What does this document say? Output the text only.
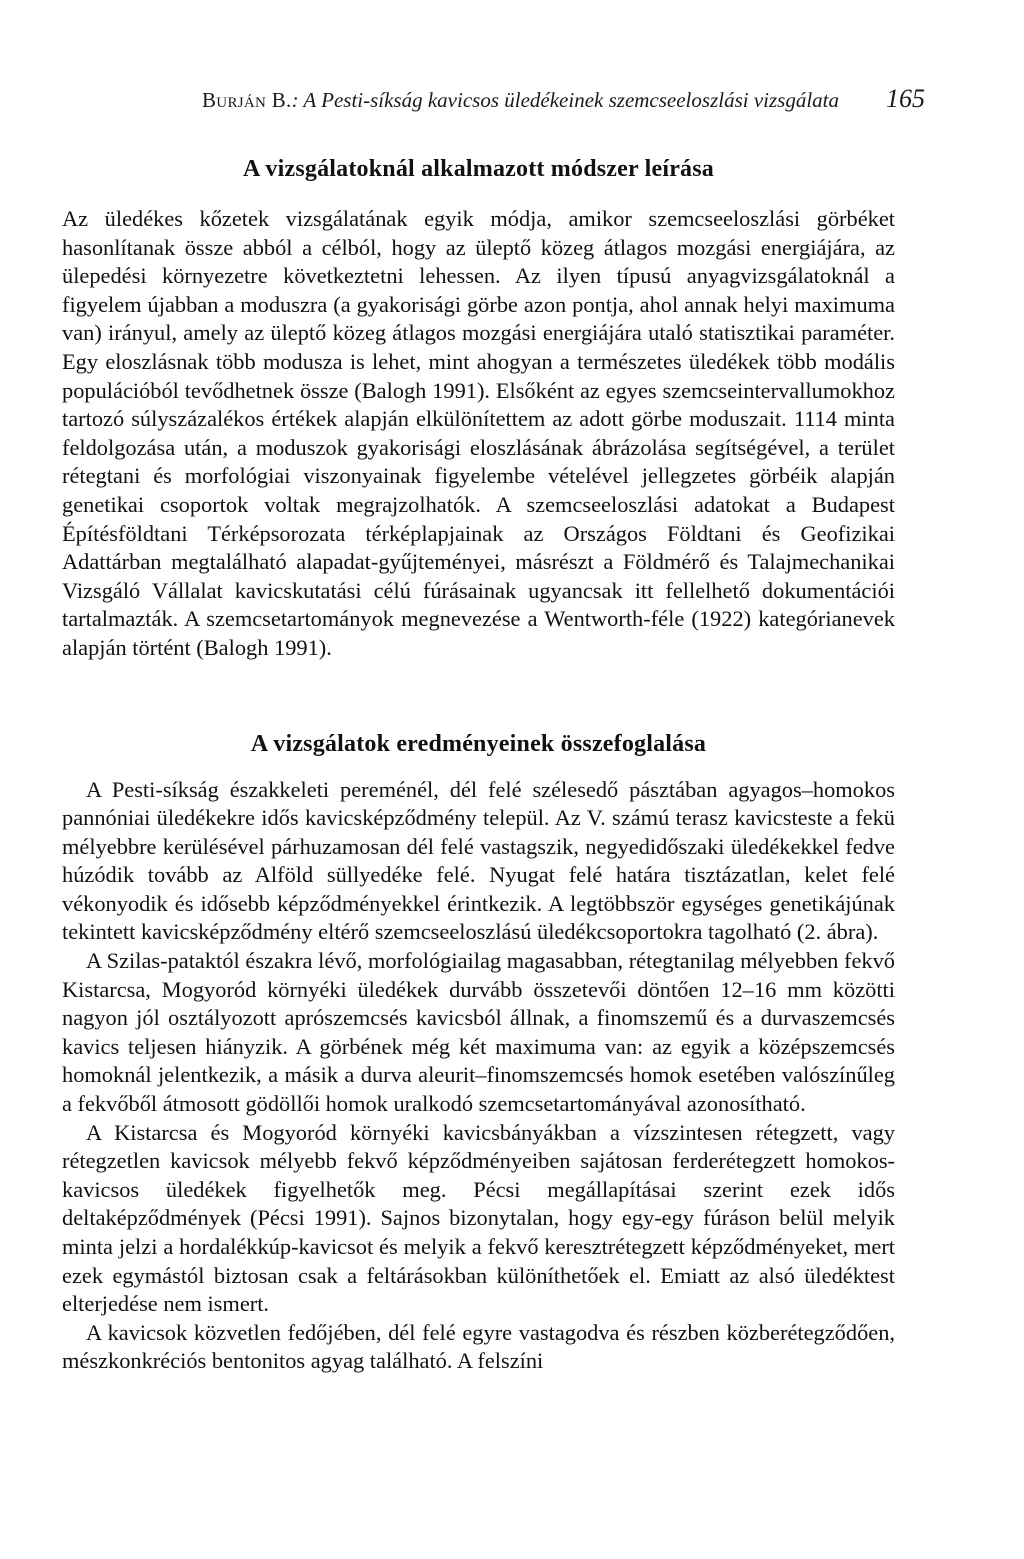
Burján B.: A Pesti-síkság kavicsos üledékeinek szemcseeloszlási vizsgálata 165
A vizsgálatoknál alkalmazott módszer leírása

Az üledékes kőzetek vizsgálatának egyik módja, amikor szemcseeloszlási görbéket hasonlítanak össze abból a célból, hogy az üleptő közeg átlagos mozgási energiájára, az ülepedési környezetre következtetni lehessen. Az ilyen típusú anyagvizsgálatoknál a figyelem újabban a moduszra (a gyakorisági görbe azon pontja, ahol annak helyi maximuma van) irányul, amely az üleptő közeg átlagos mozgási energiájára utaló statisztikai paraméter. Egy eloszlásnak több modusza is lehet, mint ahogyan a természetes üledékek több modális populációból tevődhetnek össze (Balogh 1991). Elsőként az egyes szemcseintervallumokhoz tartozó súlyszázalékos értékek alapján elkülönítettem az adott görbe moduszait. 1114 minta feldolgozása után, a moduszok gyakorisági eloszlásának ábrázolása segítségével, a terület rétegtani és morfológiai viszonyainak figyelembe vételével jellegzetes görbéik alapján genetikai csoportok voltak megrajzolhatók. A szemcseeloszlási adatokat a Budapest Építésföldtani Térképsorozata térképlapjainak az Országos Földtani és Geofizikai Adattárban megtalálható alapadat-gyűjteményei, másrészt a Földmérő és Talajmechanikai Vizsgáló Vállalat kavicskutatási célú fúrásainak ugyancsak itt fellelhető dokumentációi tartalmazták. A szemcsetartományok megnevezése a Wentworth-féle (1922) kategórianevek alapján történt (Balogh 1991).

A vizsgálatok eredményeinek összefoglalása

A Pesti-síkság északkeleti pereménél, dél felé szélesedő pásztában agyagos–homokos pannóniai üledékekre idős kavicsképződmény települ. Az V. számú terasz kavicsteste a fekü mélyebbre kerülésével párhuzamosan dél felé vastagszik, negyedidőszaki üledékekkel fedve húzódik tovább az Alföld süllyedéke felé. Nyugat felé határa tisztázatlan, kelet felé vékonyodik és idősebb képződményekkel érintkezik. A legtöbbször egységes genetikájúnak tekintett kavicsképződmény eltérő szemcseeloszlású üledékcsoportokra tagolható (2. ábra).

A Szilas-pataktól északra lévő, morfológiailag magasabban, rétegtanilag mélyebben fekvő Kistarcsa, Mogyoród környéki üledékek durvább összetevői döntően 12–16 mm közötti nagyon jól osztályozott aprószemcsés kavicsból állnak, a finomszemű és a durvaszemcsés kavics teljesen hiányzik. A görbének még két maximuma van: az egyik a középszemcsés homoknál jelentkezik, a másik a durva aleurit–finomszemcsés homok esetében valószínűleg a fekvőből átmosott gödöllői homok uralkodó szemcsetartományával azonosítható.

A Kistarcsa és Mogyoród környéki kavicsbányákban a vízszintesen rétegzett, vagy rétegzetlen kavicsok mélyebb fekvő képződményeiben sajátosan ferderétegzett homokos-kavicsos üledékek figyelhetők meg. Pécsi megállapításai szerint ezek idős deltaképződmények (Pécsi 1991). Sajnos bizonytalan, hogy egy-egy fúráson belül melyik minta jelzi a hordalékkúp-kavicsot és melyik a fekvő keresztrétegzett képződményeket, mert ezek egymástól biztosan csak a feltárásokban különíthetőek el. Emiatt az alsó üledéktest elterjedése nem ismert.

A kavicsok közvetlen fedőjében, dél felé egyre vastagodva és részben közberétegződően, mészkonkréciós bentonitos agyag található. A felszíni
